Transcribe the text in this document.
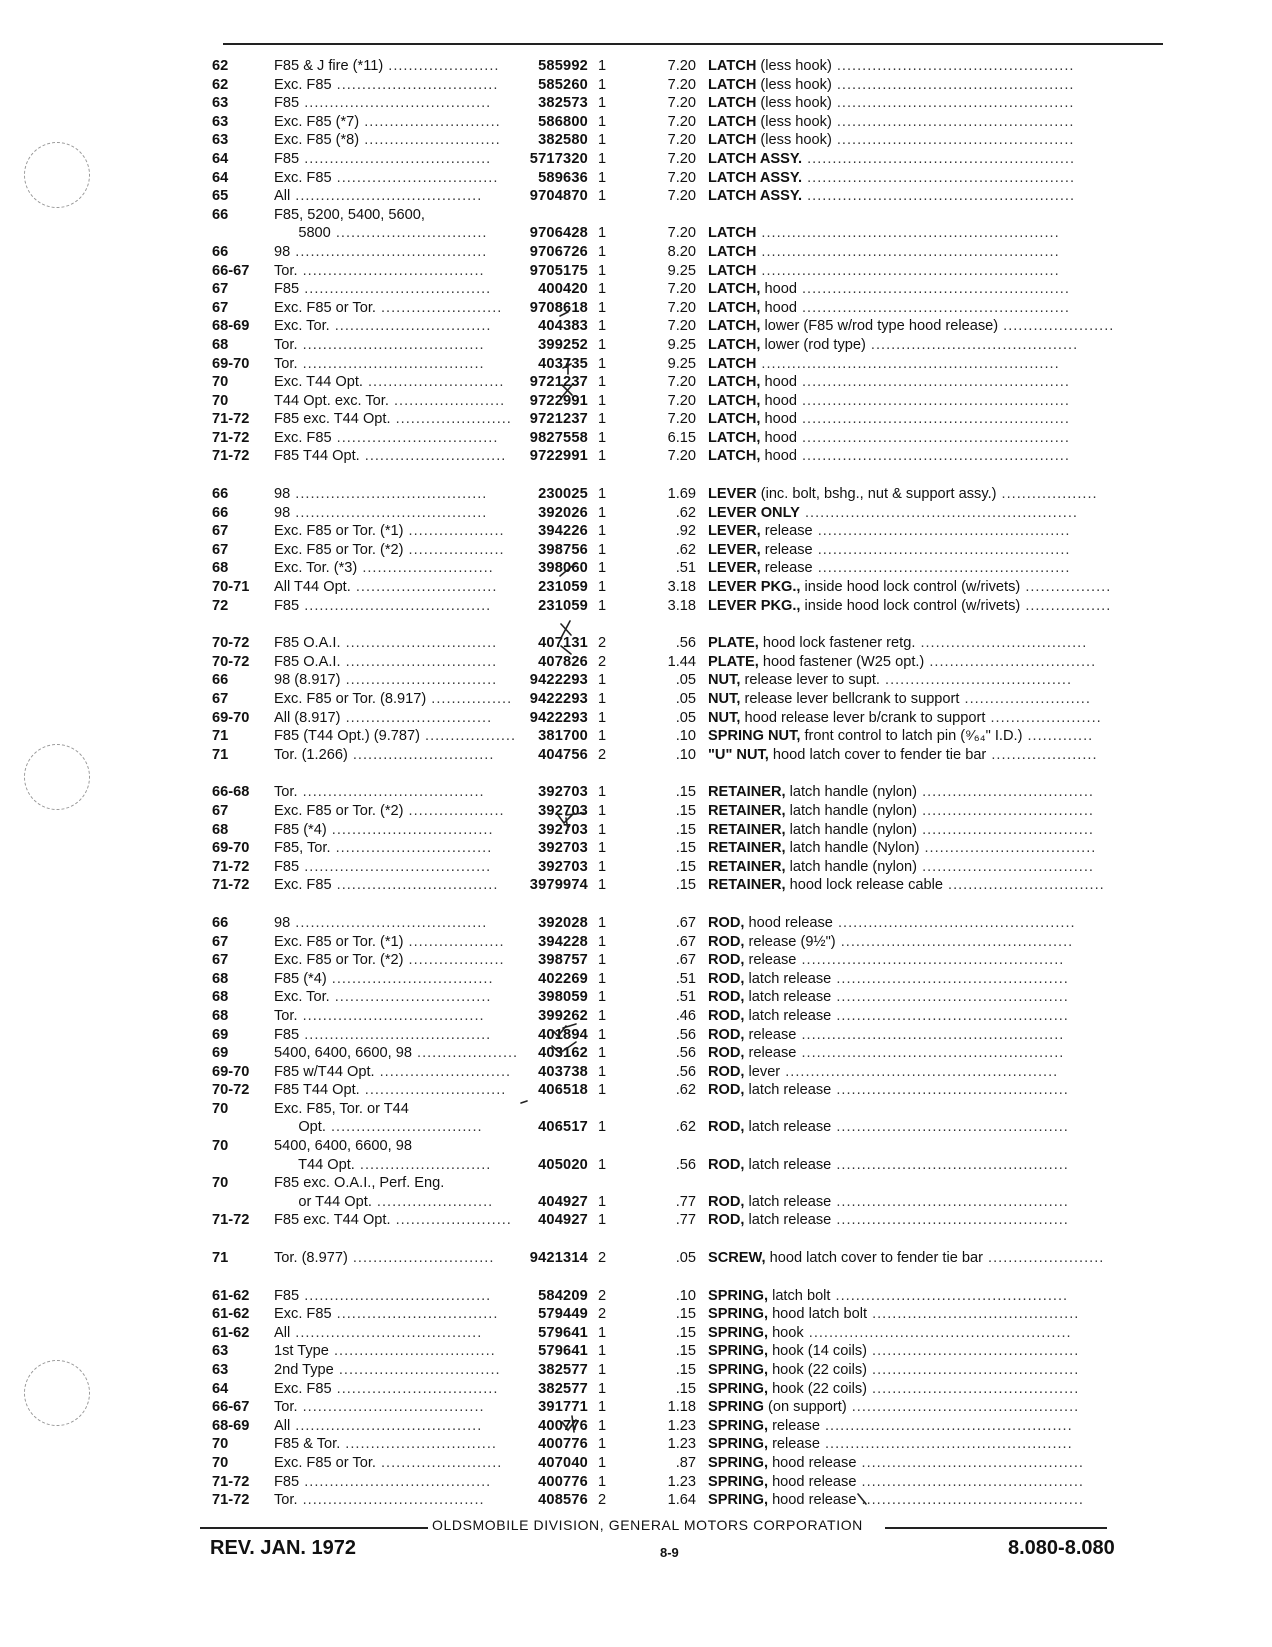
62	F85 & J fire (*11) ......................	585992 1	7.20 LATCH (less hook) ...............................................
62	Exc. F85 ................................	585260 1	7.20 LATCH (less hook) ...............................................
63	F85 .....................................	382573 1	7.20 LATCH (less hook) ...............................................
63	Exc. F85 (*7) ...........................	586800 1	7.20 LATCH (less hook) ...............................................
63	Exc. F85 (*8) ...........................	382580 1	7.20 LATCH (less hook) ...............................................
64	F85 .....................................	5717320 1	7.20 LATCH ASSY. .....................................................
64	Exc. F85 ................................	589636 1	7.20 LATCH ASSY. .....................................................
65	All .....................................	9704870 1	7.20 LATCH ASSY. .....................................................
66	F85, 5200, 5400, 5600,
5800 ..............................	9706428 1	7.20 LATCH ...........................................................
66	98 ......................................	9706726 1	8.20 LATCH ...........................................................
66-67	Tor. ....................................	9705175 1	9.25 LATCH ...........................................................
67	F85 .....................................	400420 1	7.20 LATCH, hood .....................................................
67	Exc. F85 or Tor. ........................	9708618 1	7.20 LATCH, hood .....................................................
68-69	Exc. Tor. ...............................	404383 1	7.20 LATCH, lower (F85 w/rod type hood release) ......................
68	Tor. ....................................	399252 1	9.25 LATCH, lower (rod type) .........................................
69-70	Tor. ....................................	403735 1	9.25 LATCH ...........................................................
70	Exc. T44 Opt. ...........................	9721237 1	7.20 LATCH, hood .....................................................
70	T44 Opt. exc. Tor. ......................	9722991 1	7.20 LATCH, hood .....................................................
71-72	F85 exc. T44 Opt. .......................	9721237 1	7.20 LATCH, hood .....................................................
71-72	Exc. F85 ................................	9827558 1	6.15 LATCH, hood .....................................................
71-72	F85 T44 Opt. ............................	9722991 1	7.20 LATCH, hood .....................................................
66	98 ......................................	230025 1	1.69 LEVER (inc. bolt, bshg., nut & support assy.) ...................
66	98 ......................................	392026 1	.62 LEVER ONLY ......................................................
67	Exc. F85 or Tor. (*1) ...................	394226 1	.92 LEVER, release ..................................................
67	Exc. F85 or Tor. (*2) ...................	398756 1	.62 LEVER, release ..................................................
68	Exc. Tor. (*3) ..........................	398060 1	.51 LEVER, release ..................................................
70-71	All T44 Opt. ............................	231059 1	3.18 LEVER PKG., inside hood lock control (w/rivets) .................
72	F85 .....................................	231059 1	3.18 LEVER PKG., inside hood lock control (w/rivets) .................
70-72	F85 O.A.I. ..............................	407131 2	.56 PLATE, hood lock fastener retg. .................................
70-72	F85 O.A.I. ..............................	407826 2	1.44 PLATE, hood fastener (W25 opt.) .................................
66	98 (8.917) ..............................	9422293 1	.05 NUT, release lever to supt. .....................................
67	Exc. F85 or Tor. (8.917) ................	9422293 1	.05 NUT, release lever bellcrank to support .........................
69-70	All (8.917) .............................	9422293 1	.05 NUT, hood release lever b/crank to support ......................
71	F85 (T44 Opt.) (9.787) ..................	381700 1	.10 SPRING NUT, front control to latch pin (⁹⁄₆₄" I.D.) .............
71	Tor. (1.266) ............................	404756 2	.10 "U" NUT, hood latch cover to fender tie bar .....................
66-68	Tor. ....................................	392703 1	.15 RETAINER, latch handle (nylon) ..................................
67	Exc. F85 or Tor. (*2) ...................	392703 1	.15 RETAINER, latch handle (nylon) ..................................
68	F85 (*4) ................................	392703 1	.15 RETAINER, latch handle (nylon) ..................................
69-70	F85, Tor. ...............................	392703 1	.15 RETAINER, latch handle (Nylon) ..................................
71-72	F85 .....................................	392703 1	.15 RETAINER, latch handle (nylon) ..................................
71-72	Exc. F85 ................................	3979974 1	.15 RETAINER, hood lock release cable ...............................
66	98 ......................................	392028 1	.67 ROD, hood release ...............................................
67	Exc. F85 or Tor. (*1) ...................	394228 1	.67 ROD, release (9½") ..............................................
67	Exc. F85 or Tor. (*2) ...................	398757 1	.67 ROD, release ....................................................
68	F85 (*4) ................................	402269 1	.51 ROD, latch release ..............................................
68	Exc. Tor. ...............................	398059 1	.51 ROD, latch release ..............................................
68	Tor. ....................................	399262 1	.46 ROD, latch release ..............................................
69	F85 .....................................	401894 1	.56 ROD, release ....................................................
69	5400, 6400, 6600, 98 ....................	403162 1	.56 ROD, release ....................................................
69-70	F85 w/T44 Opt. ..........................	403738 1	.56 ROD, lever ......................................................
70-72	F85 T44 Opt. ............................	406518 1	.62 ROD, latch release ..............................................
70	Exc. F85, Tor. or T44
Opt. ..............................	406517 1	.62 ROD, latch release ..............................................
70	5400, 6400, 6600, 98
T44 Opt. ..........................	405020 1	.56 ROD, latch release ..............................................
70	F85 exc. O.A.I., Perf. Eng.
or T44 Opt. .......................	404927 1	.77 ROD, latch release ..............................................
71-72	F85 exc. T44 Opt. .......................	404927 1	.77 ROD, latch release ..............................................
71	Tor. (8.977) ............................	9421314 2	.05 SCREW, hood latch cover to fender tie bar .......................
61-62	F85 .....................................	584209 2	.10 SPRING, latch bolt ..............................................
61-62	Exc. F85 ................................	579449 2	.15 SPRING, hood latch bolt .........................................
61-62	All .....................................	579641 1	.15 SPRING, hook ....................................................
63	1st Type ................................	579641 1	.15 SPRING, hook (14 coils) .........................................
63	2nd Type ................................	382577 1	.15 SPRING, hook (22 coils) .........................................
64	Exc. F85 ................................	382577 1	.15 SPRING, hook (22 coils) .........................................
66-67	Tor. ....................................	391771 1	1.18 SPRING (on support) .............................................
68-69	All .....................................	400776 1	1.23 SPRING, release .................................................
70	F85 & Tor. ..............................	400776 1	1.23 SPRING, release .................................................
70	Exc. F85 or Tor. ........................	407040 1	.87 SPRING, hood release ............................................
71-72	F85 .....................................	400776 1	1.23 SPRING, hood release ............................................
71-72	Tor. ....................................	408576 2	1.64 SPRING, hood release ............................................
OLDSMOBILE DIVISION, GENERAL MOTORS CORPORATION
REV. JAN. 1972	8-9	8.080-8.080
